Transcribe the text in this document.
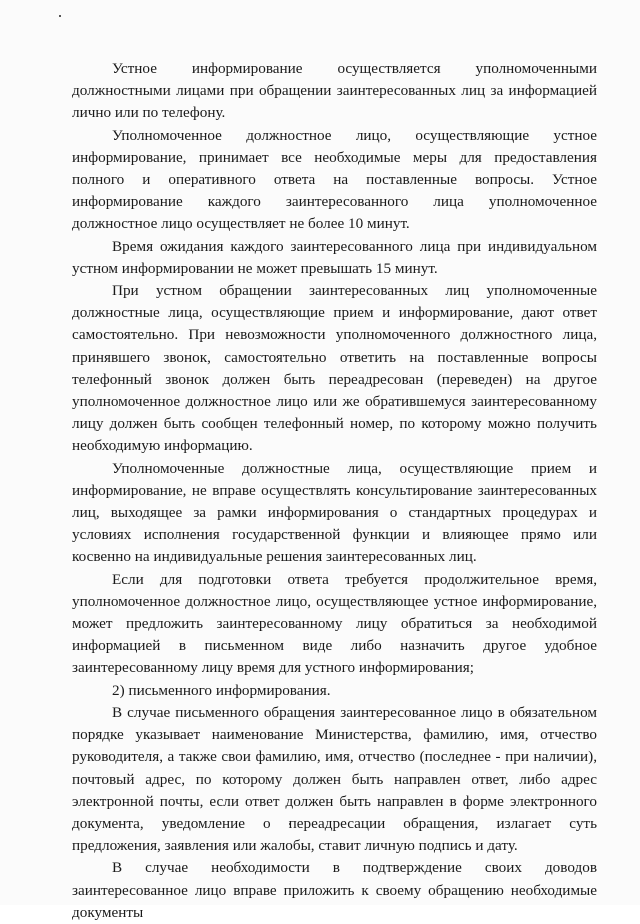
Устное информирование осуществляется уполномоченными должностными лицами при обращении заинтересованных лиц за информацией лично или по телефону.

Уполномоченное должностное лицо, осуществляющие устное информирование, принимает все необходимые меры для предоставления полного и оперативного ответа на поставленные вопросы. Устное информирование каждого заинтересованного лица уполномоченное должностное лицо осуществляет не более 10 минут.

Время ожидания каждого заинтересованного лица при индивидуальном устном информировании не может превышать 15 минут.

При устном обращении заинтересованных лиц уполномоченные должностные лица, осуществляющие прием и информирование, дают ответ самостоятельно. При невозможности уполномоченного должностного лица, принявшего звонок, самостоятельно ответить на поставленные вопросы телефонный звонок должен быть переадресован (переведен) на другое уполномоченное должностное лицо или же обратившемуся заинтересованному лицу должен быть сообщен телефонный номер, по которому можно получить необходимую информацию.

Уполномоченные должностные лица, осуществляющие прием и информирование, не вправе осуществлять консультирование заинтересованных лиц, выходящее за рамки информирования о стандартных процедурах и условиях исполнения государственной функции и влияющее прямо или косвенно на индивидуальные решения заинтересованных лиц.

Если для подготовки ответа требуется продолжительное время, уполномоченное должностное лицо, осуществляющее устное информирование, может предложить заинтересованному лицу обратиться за необходимой информацией в письменном виде либо назначить другое удобное заинтересованному лицу время для устного информирования;

2) письменного информирования.

В случае письменного обращения заинтересованное лицо в обязательном порядке указывает наименование Министерства, фамилию, имя, отчество руководителя, а также свои фамилию, имя, отчество (последнее - при наличии), почтовый адрес, по которому должен быть направлен ответ, либо адрес электронной почты, если ответ должен быть направлен в форме электронного документа, уведомление о переадресации обращения, излагает суть предложения, заявления или жалобы, ставит личную подпись и дату.

В случае необходимости в подтверждение своих доводов заинтересованное лицо вправе приложить к своему обращению необходимые документы
